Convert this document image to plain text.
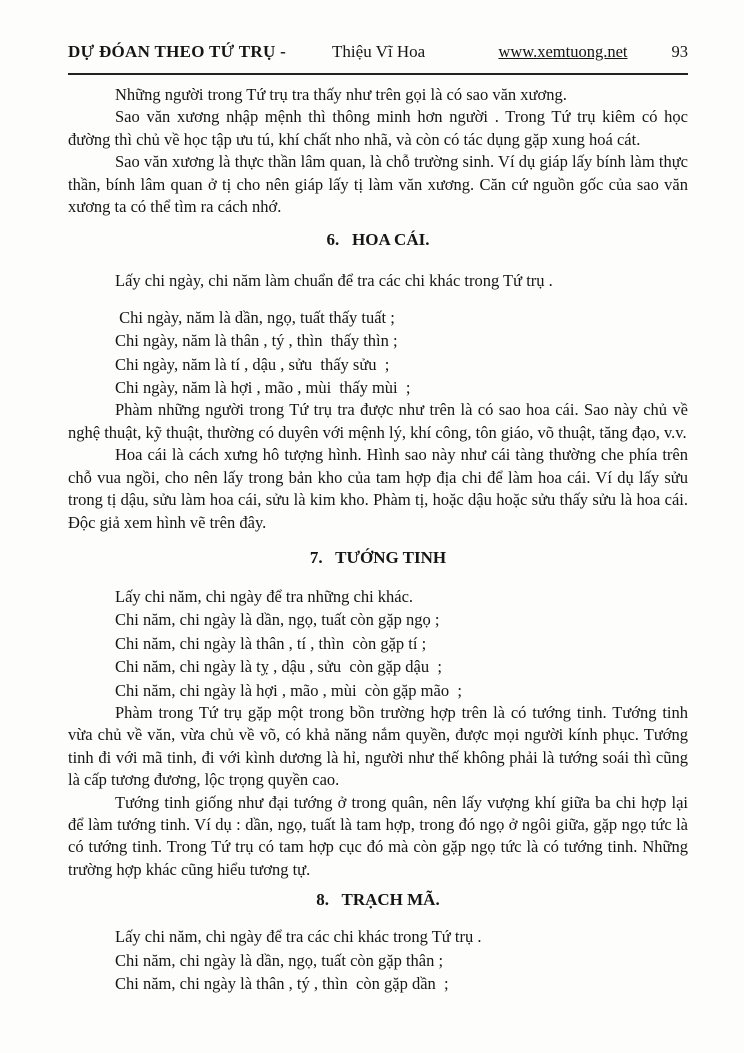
DỰ ĐÓAN THEO TỨ TRỤ -	Thiệu Vĩ Hoa	www.xemtuong.net	93

Những người trong Tứ trụ tra thấy như trên gọi là có sao văn xương.

Sao văn xương nhập mệnh thì thông minh hơn người . Trong Tứ trụ kiêm có học đường thì chủ về học tập ưu tú, khí chất nho nhã, và còn có tác dụng gặp xung hoá cát.

Sao văn xương là thực thần lâm quan, là chỗ trường sinh. Ví dụ giáp lấy bính làm thực thần, bính lâm quan ở tị cho nên giáp lấy tị làm văn xương. Căn cứ nguồn gốc của sao văn xương ta có thể tìm ra cách nhớ.

6.   HOA CÁI.

Lấy chi ngày, chi năm làm chuẩn để tra các chi khác trong Tứ trụ .

Chi ngày, năm là dần, ngọ, tuất thấy tuất ;

Chi ngày, năm là thân , tý , thìn  thấy thìn ;

Chi ngày, năm là tí , dậu , sửu  thấy sửu  ;

Chi ngày, năm là hợi , mão , mùi  thấy mùi  ;

Phàm những người trong Tứ trụ tra được như trên là có sao hoa cái. Sao này chủ về nghệ thuật, kỹ thuật, thường có duyên với mệnh lý, khí công, tôn giáo, võ thuật, tăng đạo, v.v.

Hoa cái là cách xưng hô tượng hình. Hình sao này như cái tàng thường che phía trên chỗ vua ngồi, cho nên lấy trong bản kho của tam hợp địa chi để làm hoa cái. Ví dụ lấy sửu trong tị dậu, sửu làm hoa cái, sửu là kim kho. Phàm tị, hoặc dậu hoặc sửu thấy sửu là hoa cái. Độc giả xem hình vẽ trên đây.

7.   TƯỚNG TINH

Lấy chi năm, chi ngày để tra những chi khác.

Chi năm, chi ngày là dần, ngọ, tuất còn gặp ngọ ;

Chi năm, chi ngày là thân , tí , thìn  còn gặp tí ;

Chi năm, chi ngày là tỵ , dậu , sửu  còn gặp dậu  ;

Chi năm, chi ngày là hợi , mão , mùi  còn gặp mão  ;

Phàm trong Tứ trụ gặp một trong bồn trường hợp trên là có tướng tinh. Tướng tinh vừa chủ về văn, vừa chủ về võ, có khả năng nắm quyền, được mọi người kính phục. Tướng tinh đi với mã tinh, đi với kình dương là hỉ, người như thế không phải là tướng soái thì cũng là cấp tương đương, lộc trọng quyền cao.

Tướng tinh giống như đại tướng ở trong quân, nên lấy vượng khí giữa ba chi hợp lại để làm tướng tinh. Ví dụ : dần, ngọ, tuất là tam hợp, trong đó ngọ ở ngôi giữa, gặp ngọ tức là có tướng tinh. Trong Tứ trụ có tam hợp cục đó mà còn gặp ngọ tức là có tướng tinh. Những trường hợp khác cũng hiểu tương tự.

8.   TRẠCH MÃ.

Lấy chi năm, chi ngày để tra các chi khác trong Tứ trụ .

Chi năm, chi ngày là dần, ngọ, tuất còn gặp thân ;

Chi năm, chi ngày là thân , tý , thìn  còn gặp dần  ;
